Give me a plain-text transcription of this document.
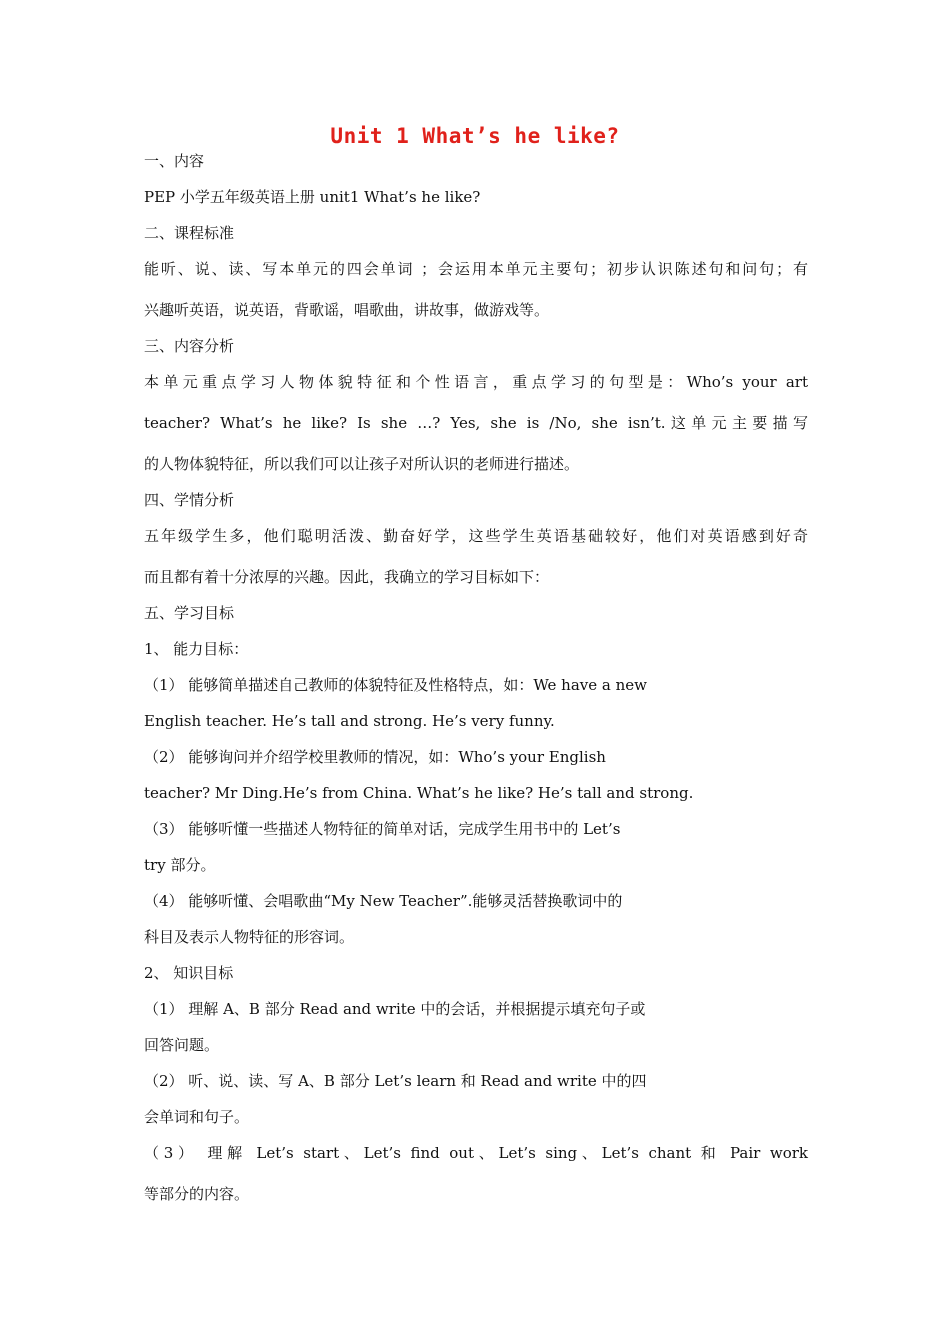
Unit 1 What’s he like?
一、内容
PEP 小学五年级英语上册 unit1 What’s he like?
二、课程标准
能听、说、读、写本单元的四会单词 ；会运用本单元主要句；初步认识陈述句和问句；有
兴趣听英语，说英语，背歌谣，唱歌曲，讲故事，做游戏等。
三、内容分析
本单元重点学习人物体貌特征和个性语言，重点学习的句型是：Who’s your art
teacher? What’s he like? Is she …? Yes, she is /No, she isn’t.这单元主要描写
的人物体貌特征，所以我们可以让孩子对所认识的老师进行描述。
四、学情分析
五年级学生多，他们聪明活泼、勤奋好学，这些学生英语基础较好，他们对英语感到好奇
而且都有着十分浓厚的兴趣。因此，我确立的学习目标如下：
五、学习目标
1、 能力目标：
（1） 能够简单描述自己教师的体貌特征及性格特点，如：We have a new
English teacher. He’s tall and strong. He’s very funny.
（2） 能够询问并介绍学校里教师的情况，如：Who’s your English
teacher? Mr Ding.He’s from China. What’s he like? He’s tall and strong.
（3） 能够听懂一些描述人物特征的简单对话，完成学生用书中的 Let’s
try 部分。
（4） 能够听懂、会唱歌曲“My New Teacher”.能够灵活替换歌词中的
科目及表示人物特征的形容词。
2、 知识目标
（1） 理解 A、B 部分 Read and write 中的会话，并根据提示填充句子或
回答问题。
（2） 听、说、读、写 A、B 部分 Let’s learn 和 Read and write 中的四
会单词和句子。
（3） 理解 Let’s start、Let’s find out、Let’s sing、Let’s chant 和 Pair work
等部分的内容。
